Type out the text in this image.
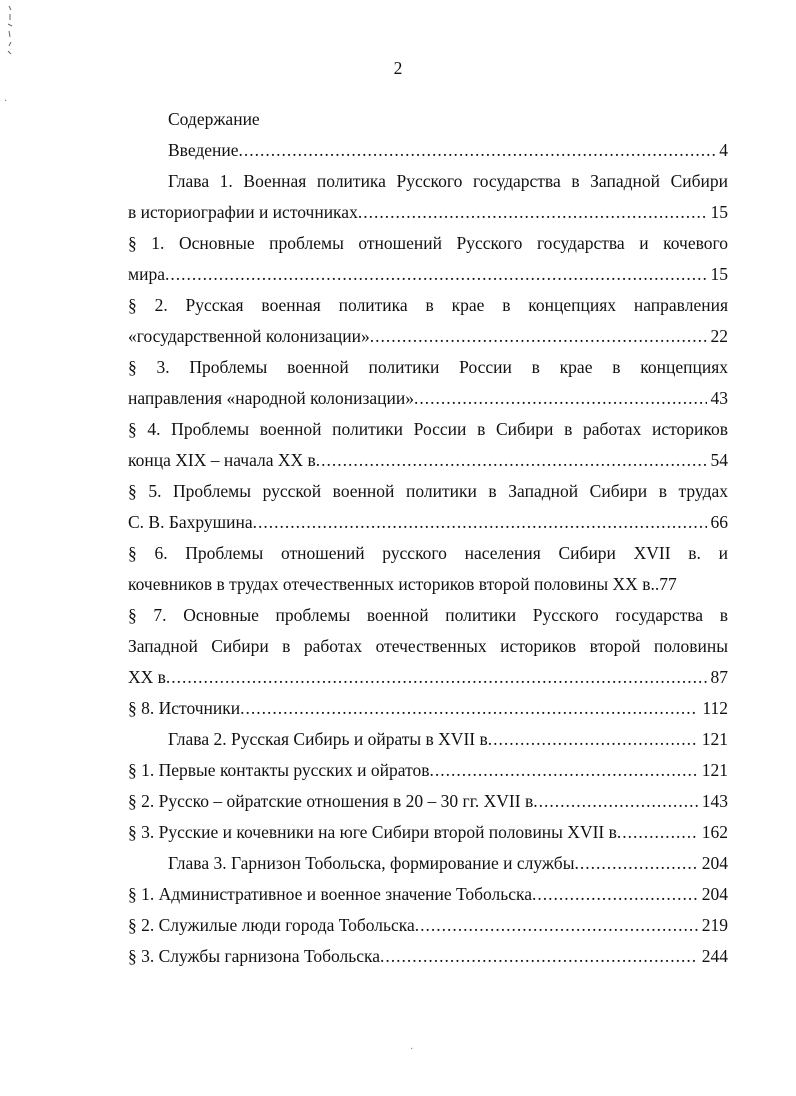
·
·
2
Содержание
Введение .....	4
Глава 1. Военная политика Русского государства в Западной Сибири
в историографии и источниках .....	15
§ 1. Основные проблемы отношений Русского государства и кочевого
мира .....	15
§ 2. Русская военная политика в крае в концепциях направления
«государственной колонизации» .....	22
§ 3. Проблемы военной политики России в крае в концепциях
направления «народной колонизации» .....	43
§ 4. Проблемы военной политики России в Сибири в работах историков
конца XIX – начала XX в .....	54
§ 5. Проблемы русской военной политики в Западной Сибири в трудах
С. В. Бахрушина .....	66
§ 6. Проблемы отношений русского населения Сибири XVII в. и
кочевников в трудах отечественных историков второй половины XX в..77
§ 7. Основные проблемы военной политики Русского государства в
Западной Сибири в работах отечественных историков второй половины
XX в .....	87
§ 8. Источники .....	112
Глава 2. Русская Сибирь и ойраты в XVII в .....	121
§ 1. Первые контакты русских и ойратов .....	121
§ 2. Русско – ойратские отношения в 20 – 30 гг. XVII в .....	143
§ 3. Русские и кочевники на юге Сибири второй половины XVII в .....	162
Глава 3. Гарнизон Тобольска, формирование и службы .....	204
§ 1. Административное и военное значение Тобольска .....	204
§ 2. Служилые люди города Тобольска .....	219
§ 3. Службы гарнизона Тобольска .....	244
